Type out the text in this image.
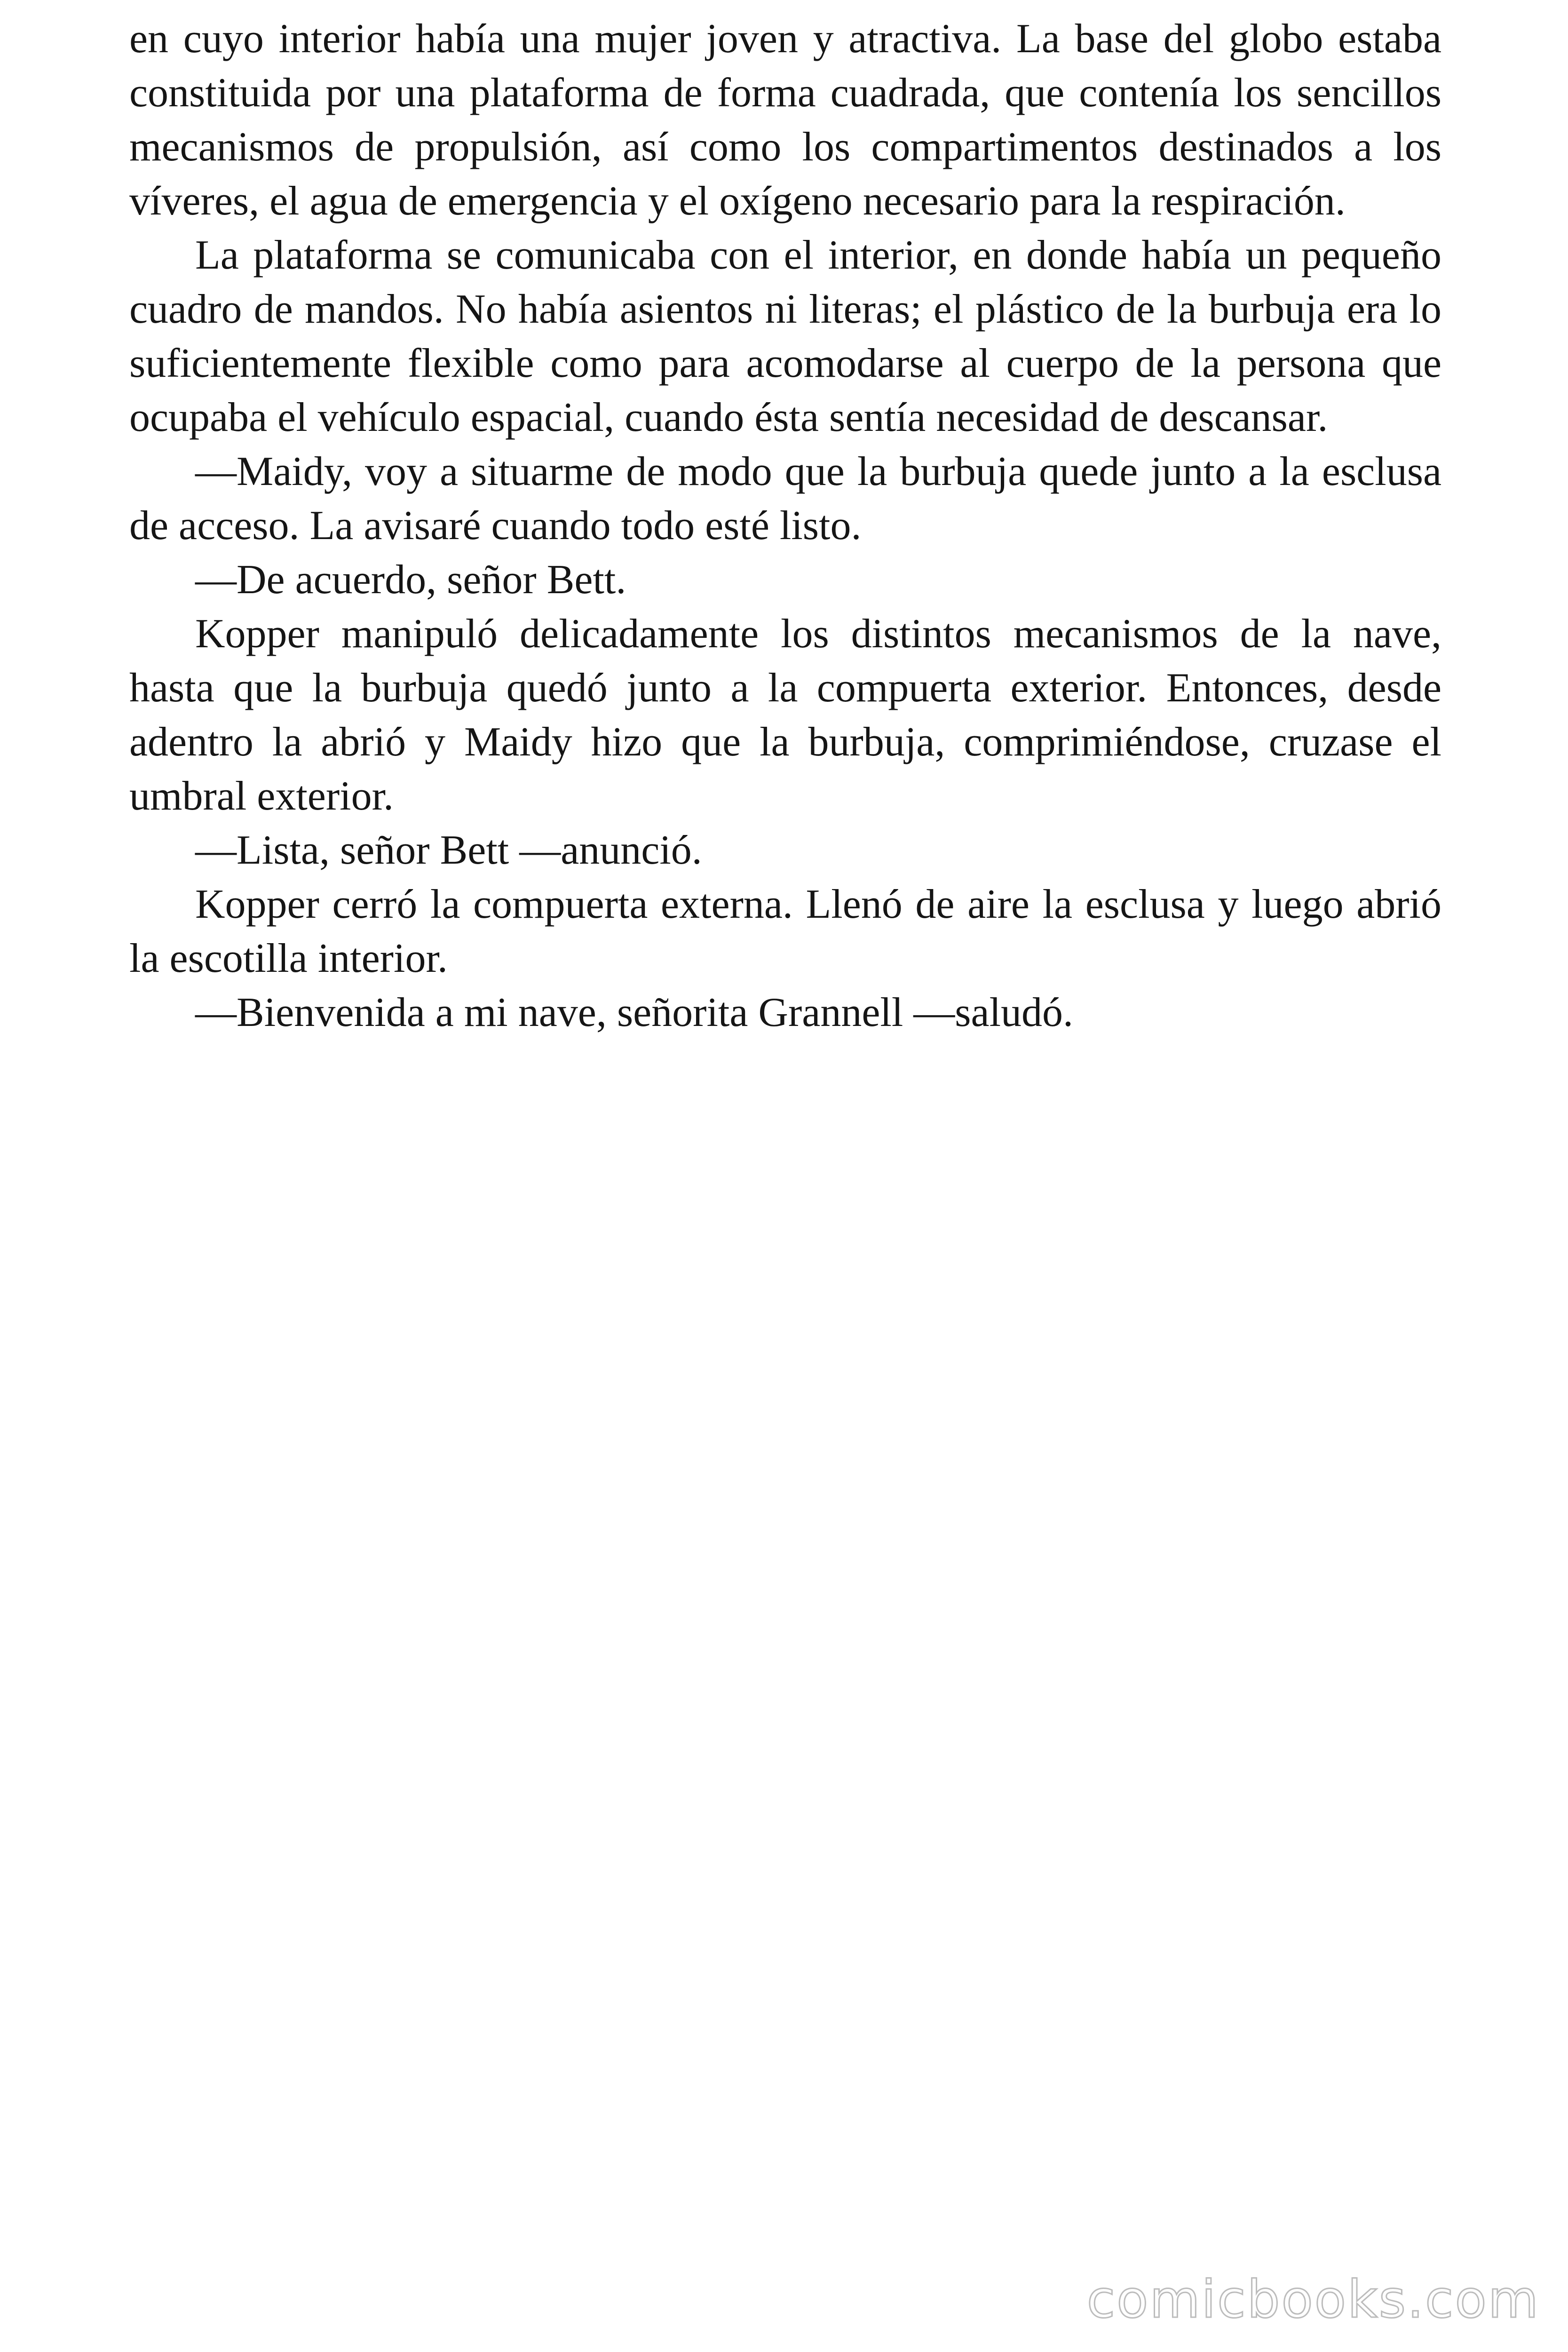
en cuyo interior había una mujer joven y atractiva. La base del globo estaba constituida por una plataforma de forma cuadrada, que contenía los sencillos mecanismos de propulsión, así como los compartimentos destinados a los víveres, el agua de emergencia y el oxígeno necesario para la respiración.

La plataforma se comunicaba con el interior, en donde había un pequeño cuadro de mandos. No había asientos ni literas; el plástico de la burbuja era lo suficientemente flexible como para acomodarse al cuerpo de la persona que ocupaba el vehículo espacial, cuando ésta sentía necesidad de descansar.

—Maidy, voy a situarme de modo que la burbuja quede junto a la esclusa de acceso. La avisaré cuando todo esté listo.

—De acuerdo, señor Bett.

Kopper manipuló delicadamente los distintos mecanismos de la nave, hasta que la burbuja quedó junto a la compuerta exterior. Entonces, desde adentro la abrió y Maidy hizo que la burbuja, comprimiéndose, cruzase el umbral exterior.

—Lista, señor Bett —anunció.

Kopper cerró la compuerta externa. Llenó de aire la esclusa y luego abrió la escotilla interior.

—Bienvenida a mi nave, señorita Grannell —saludó.

comicbooks.com
